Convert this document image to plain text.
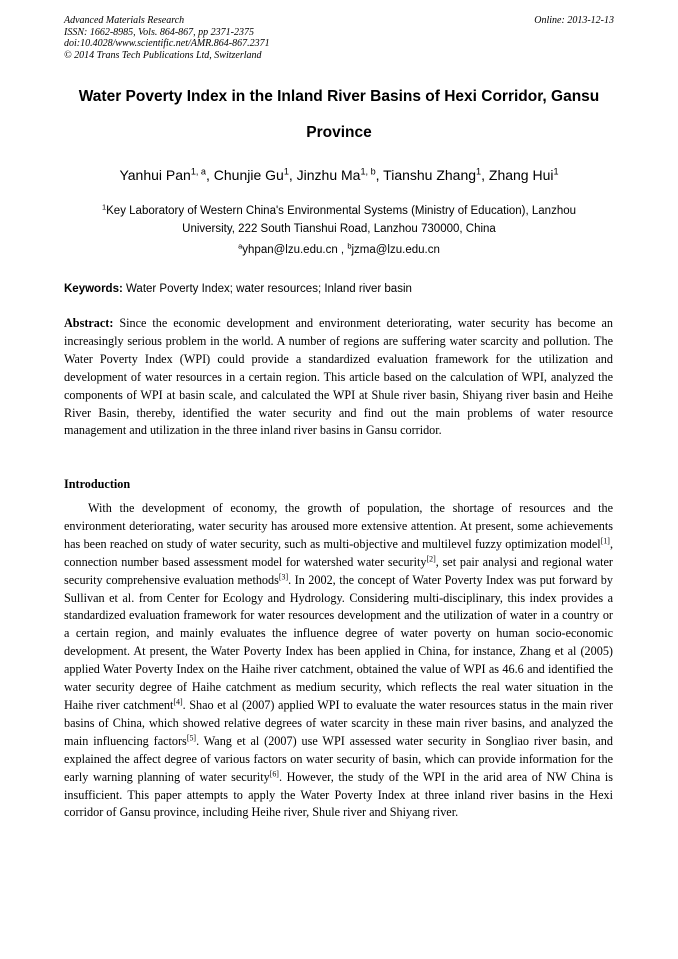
Advanced Materials Research
ISSN: 1662-8985, Vols. 864-867, pp 2371-2375
doi:10.4028/www.scientific.net/AMR.864-867.2371
© 2014 Trans Tech Publications Ltd, Switzerland
Online: 2013-12-13
Water Poverty Index in the Inland River Basins of Hexi Corridor, Gansu
Province
Yanhui Pan$^{1, a}$, Chunjie Gu$^1$, Jinzhu Ma$^{1, b}$, Tianshu Zhang$^1$, Zhang Hui$^1$
$^1$Key Laboratory of Western China's Environmental Systems (Ministry of Education), Lanzhou
University, 222 South Tianshui Road, Lanzhou 730000, China
$^a$yhpan@lzu.edu.cn , $^b$jzma@lzu.edu.cn
Keywords: Water Poverty Index; water resources; Inland river basin
Abstract: Since the economic development and environment deteriorating, water security has become an increasingly serious problem in the world. A number of regions are suffering water scarcity and pollution. The Water Poverty Index (WPI) could provide a standardized evaluation framework for the utilization and development of water resources in a certain region. This article based on the calculation of WPI, analyzed the components of WPI at basin scale, and calculated the WPI at Shule river basin, Shiyang river basin and Heihe River Basin, thereby, identified the water security and find out the main problems of water resource management and utilization in the three inland river basins in Gansu corridor.
Introduction
With the development of economy, the growth of population, the shortage of resources and the environment deteriorating, water security has aroused more extensive attention. At present, some achievements has been reached on study of water security, such as multi-objective and multilevel fuzzy optimization model[1], connection number based assessment model for watershed water security[2], set pair analysi and regional water security comprehensive evaluation methods[3]. In 2002, the concept of Water Poverty Index was put forward by Sullivan et al. from Center for Ecology and Hydrology. Considering multi-disciplinary, this index provides a standardized evaluation framework for water resources development and the utilization of water in a country or a certain region, and mainly evaluates the influence degree of water poverty on human socio-economic development. At present, the Water Poverty Index has been applied in China, for instance, Zhang et al (2005) applied Water Poverty Index on the Haihe river catchment, obtained the value of WPI as 46.6 and identified the water security degree of Haihe catchment as medium security, which reflects the real water situation in the Haihe river catchment[4]. Shao et al (2007) applied WPI to evaluate the water resources status in the main river basins of China, which showed relative degrees of water scarcity in these main river basins, and analyzed the main influencing factors[5]. Wang et al (2007) use WPI assessed water security in Songliao river basin, and explained the affect degree of various factors on water security of basin, which can provide information for the early warning planning of water security[6]. However, the study of the WPI in the arid area of NW China is insufficient. This paper attempts to apply the Water Poverty Index at three inland river basins in the Hexi corridor of Gansu province, including Heihe river, Shule river and Shiyang river.
